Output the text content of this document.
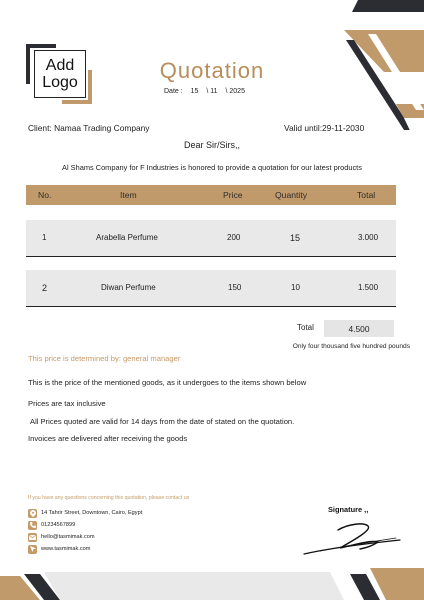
Add
Logo	Quotation
Date : 15 \ 11 \ 2025
Client: Namaa Trading Company	Valid until:29-11-2030
Dear Sir/Sirs,,
Al Shams Company for F Industries is honored to provide a quotation for our latest products
No.	Item	Price	Quantity	Total
1	Arabella Perfume	200	15	3.000
2	Diwan Perfume	150	10	1.500
Total	4.500
Only four thousand five hundred pounds
This price is determined by: general manager
This is the price of the mentioned goods, as it undergoes to the items shown below
Prices are tax inclusive
All Prices quoted are valid for 14 days from the date of stated on the quotation.
Invoices are delivered after receiving the goods
If you have any questions concerning this quotation, please contact us
14 Tahrir Street, Downtown, Cairo, Egypt
01234567899
hello@tasmimak.com
www.tasmimak.com
Signature ,,
